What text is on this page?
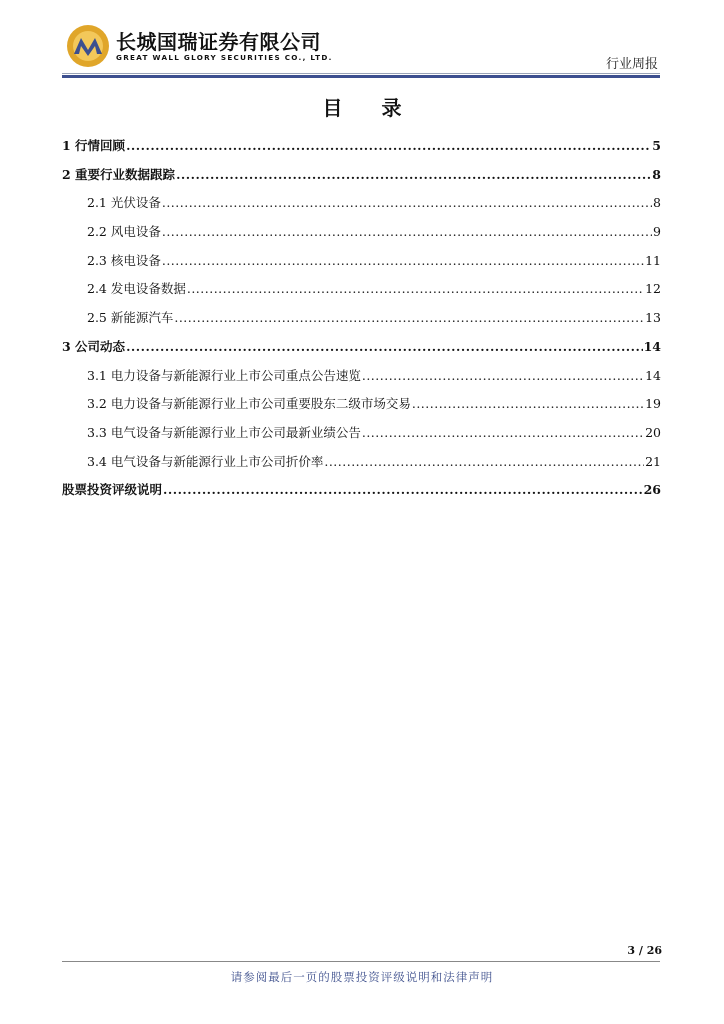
长城国瑞证券有限公司
GREAT WALL GLORY SECURITIES CO., LTD.	行业周报
目 录
1 行情回顾 .....	5
2 重要行业数据跟踪 .....	8
2.1 光伏设备 .....	8
2.2 风电设备 .....	9
2.3 核电设备 .....	11
2.4 发电设备数据 .....	12
2.5 新能源汽车 .....	13
3 公司动态 .....	14
3.1 电力设备与新能源行业上市公司重点公告速览 .....	14
3.2 电力设备与新能源行业上市公司重要股东二级市场交易 .....	19
3.3 电气设备与新能源行业上市公司最新业绩公告 .....	20
3.4 电气设备与新能源行业上市公司折价率 .....	21
股票投资评级说明 .....	26
3 / 26
请参阅最后一页的股票投资评级说明和法律声明
